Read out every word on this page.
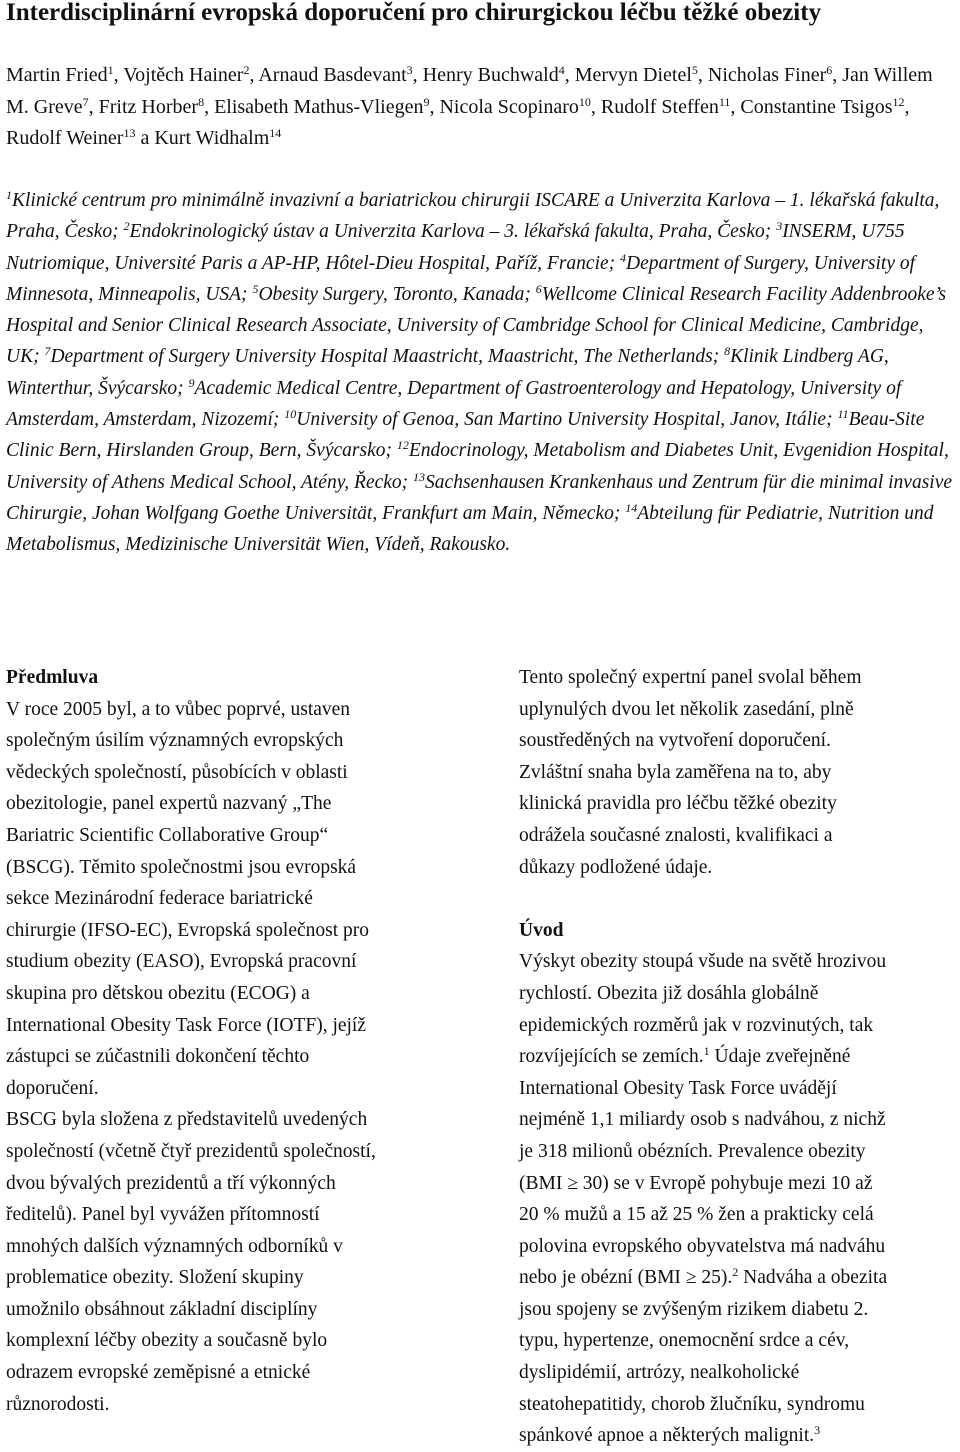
Interdisciplinární evropská doporučení pro chirurgickou léčbu těžké obezity

Martin Fried$^1$, Vojtěch Hainer$^2$, Arnaud Basdevant$^3$, Henry Buchwald$^4$, Mervyn Dietel$^5$, Nicholas Finer$^6$, Jan Willem M. Greve$^7$, Fritz Horber$^8$, Elisabeth Mathus-Vliegen$^9$, Nicola Scopinaro$^{10}$, Rudolf Steffen$^{11}$, Constantine Tsigos$^{12}$, Rudolf Weiner$^{13}$ a Kurt Widhalm$^{14}$

$^1$Klinické centrum pro minimálně invazivní a bariatrickou chirurgii ISCARE a Univerzita Karlova – 1. lékařská fakulta, Praha, Česko; $^2$Endokrinologický ústav a Univerzita Karlova – 3. lékařská fakulta, Praha, Česko; $^3$INSERM, U755 Nutriomique, Université Paris a AP-HP, Hôtel-Dieu Hospital, Paříž, Francie; $^4$Department of Surgery, University of Minnesota, Minneapolis, USA; $^5$Obesity Surgery, Toronto, Kanada; $^6$Wellcome Clinical Research Facility Addenbrooke’s Hospital and Senior Clinical Research Associate, University of Cambridge School for Clinical Medicine, Cambridge, UK; $^7$Department of Surgery University Hospital Maastricht, Maastricht, The Netherlands; $^8$Klinik Lindberg AG, Winterthur, Švýcarsko; $^9$Academic Medical Centre, Department of Gastroenterology and Hepatology, University of Amsterdam, Amsterdam, Nizozemí; $^{10}$University of Genoa, San Martino University Hospital, Janov, Itálie; $^{11}$Beau-Site Clinic Bern, Hirslanden Group, Bern, Švýcarsko; $^{12}$Endocrinology, Metabolism and Diabetes Unit, Evgenidion Hospital, University of Athens Medical School, Atény, Řecko; $^{13}$Sachsenhausen Krankenhaus und Zentrum für die minimal invasive Chirurgie, Johan Wolfgang Goethe Universität, Frankfurt am Main, Německo; $^{14}$Abteilung für Pediatrie, Nutrition und Metabolismus, Medizinische Universität Wien, Vídeň, Rakousko.

Předmluva
V roce 2005 byl, a to vůbec poprvé, ustaven
společným úsilím významných evropských
vědeckých společností, působících v oblasti
obezitologie, panel expertů nazvaný „The
Bariatric Scientific Collaborative Group“
(BSCG). Těmito společnostmi jsou evropská
sekce Mezinárodní federace bariatrické
chirurgie (IFSO-EC), Evropská společnost pro
studium obezity (EASO), Evropská pracovní
skupina pro dětskou obezitu (ECOG) a
International Obesity Task Force (IOTF), jejíž
zástupci se zúčastnili dokončení těchto
doporučení.
BSCG byla složena z představitelů uvedených
společností (včetně čtyř prezidentů společností,
dvou bývalých prezidentů a tří výkonných
ředitelů). Panel byl vyvážen přítomností
mnohých dalších významných odborníků v
problematice obezity. Složení skupiny
umožnilo obsáhnout základní disciplíny
komplexní léčby obezity a současně bylo
odrazem evropské zeměpisné a etnické
různorodosti.
Tento společný expertní panel svolal během
uplynulých dvou let několik zasedání, plně
soustředěných na vytvoření doporučení.
Zvláštní snaha byla zaměřena na to, aby
klinická pravidla pro léčbu těžké obezity
odrážela současné znalosti, kvalifikaci a
důkazy podložené údaje.
Úvod
Výskyt obezity stoupá všude na světě hrozivou
rychlostí. Obezita již dosáhla globálně
epidemických rozměrů jak v rozvinutých, tak
rozvíjejících se zemích.$^1$ Údaje zveřejněné
International Obesity Task Force uvádějí
nejméně 1,1 miliardy osob s nadváhou, z nichž
je 318 milionů obézních. Prevalence obezity
(BMI ≥ 30) se v Evropě pohybuje mezi 10 až
20 % mužů a 15 až 25 % žen a prakticky celá
polovina evropského obyvatelstva má nadváhu
nebo je obézní (BMI ≥ 25).$^2$ Nadváha a obezita
jsou spojeny se zvýšeným rizikem diabetu 2.
typu, hypertenze, onemocnění srdce a cév,
dyslipidémií, artrózy, nealkoholické
steatohepatitidy, chorob žlučníku, syndromu
spánkové apnoe a některých malignit.$^3$
